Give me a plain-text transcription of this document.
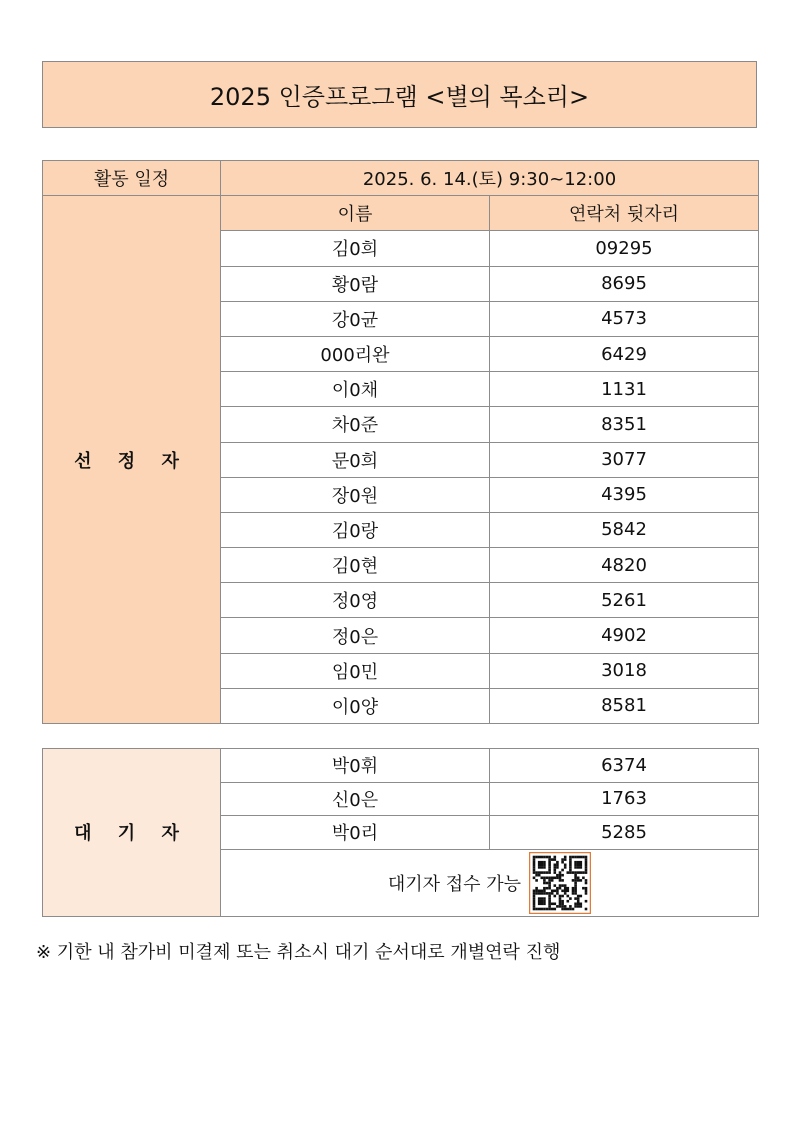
2025 인증프로그램 <별의 목소리>
활동 일정	2025. 6. 14.(토) 9:30~12:00	
선 정 자	이름	연락처 뒷자리
	김0희	09295
	황0람	8695
	강0균	4573
	000리완	6429
	이0채	1131
	차0준	8351
	문0희	3077
	장0원	4395
	김0랑	5842
	김0현	4820
	정0영	5261
	정0은	4902
	임0민	3018
	이0양	8581
대 기 자	박0휘	6374
	신0은	1763
	박0리	5285

	대기자 접수 가능	
※ 기한 내 참가비 미결제 또는 취소시 대기 순서대로 개별연락 진행
